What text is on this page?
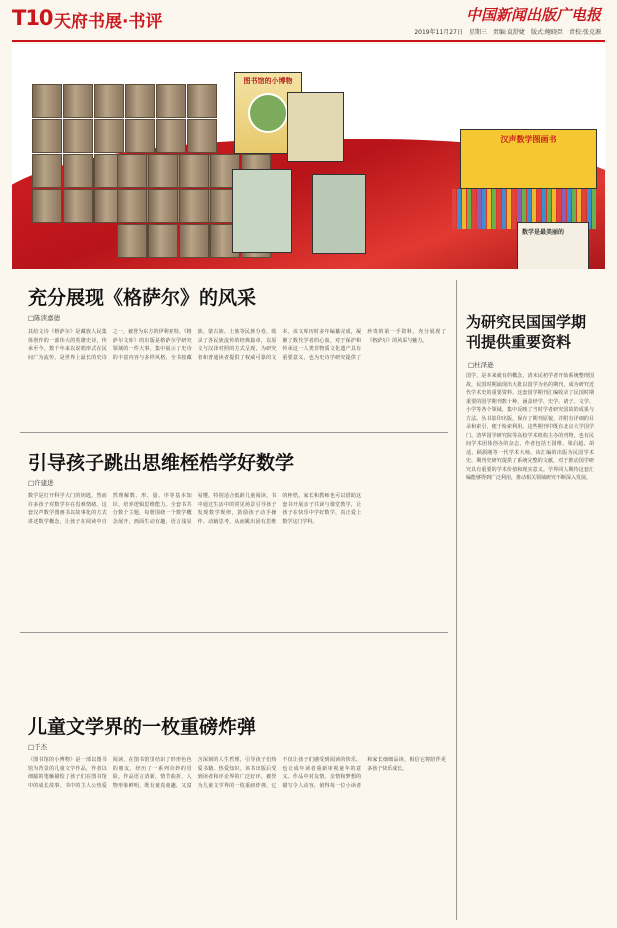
T10 天府书展·书评	中国新闻出版广电报
2019年11月27日 星期三 责编:袁舒婕 版式:鲍晓臣 责校:张克源
图书馆的小博物
汉声数学图画书
数学是最美丽的
充分展现《格萨尔》的风采
□陈读嘉德
其给文诗《格萨尔》是藏族人民集体创作的一部伟大的英雄史诗，传承至今，数千年来以说唱形式在民间广为流传，是世界上最长的史诗之一，被誉为东方的伊利亚特。《格萨尔文库》的出版是格萨尔学研究领域的一件大事，集中展示了史诗的丰富内容与多样风格。全书按藏族、蒙古族、土族等民族分卷，收录了各民族流传的经典篇章，以原文与汉译对照的方式呈现，为研究者和普通读者提供了权威可靠的文本。该文库历时多年编纂完成，凝聚了数代学者的心血，对于保护和传承这一人类非物质文化遗产具有重要意义，也为史诗学研究提供了珍贵的第一手资料，充分展现了《格萨尔》的风采与魅力。
为研究民国国学期刊提供重要资料
□杜泽逊
国学，是本来就有的概念，清末民初学者开始系统整理国故，民国时期涌现出大批以国学为名的期刊，成为研究近代学术史的重要资料。这套国学期刊汇编收录了民国时期重要的国学期刊数十种，涵盖经学、史学、诸子、文学、小学等各个领域，集中反映了当时学者研究国故的成果与方法。丛书影印出版，保存了期刊原貌，并附有详细的目录和索引，便于检索利用。这些期刊中既有北京大学国学门、清华国学研究院等高校学术机构主办的刊物，也有民间学术团体创办的杂志，作者包括王国维、梁启超、胡适、顾颉刚等一代学术大师。该汇编的出版为民国学术史、期刊史研究提供了系统完整的文献，对于推动国学研究具有重要的学术价值和现实意义。学界同人期待这套汇编能够得到广泛利用，推动相关领域研究不断深入发展。
引导孩子跳出思维桎梏学好数学
□许建进
数学是打开科学大门的钥匙，然而许多孩子对数学存在畏难情绪。这套汉声数学图画书以故事化的方式讲述数学概念，让孩子在阅读中自然理解数、形、量、序等基本知识，培养逻辑思维能力。全套书共分数个主题，每册围绕一个数学概念展开，画面生动有趣，语言浅显易懂，特别适合低龄儿童阅读。书中通过生活中的常见场景引导孩子发现数学规律，鼓励孩子动手操作、动脑思考，从而跳出固有思维的桎梏。家长和教师也可以借助这套书开展亲子共读与课堂教学，让孩子在快乐中学好数学，真正爱上数学这门学科。
儿童文学界的一枚重磅炸弹
□于杰
《图书馆的小博物》是一部以图书馆为背景的儿童文学作品，作者以细腻的笔触描绘了孩子们在图书馆中的成长故事。书中的主人公热爱阅读，在图书馆里结识了形形色色的朋友，经历了一系列奇妙的冒险。作品语言清新，情节曲折，人物形象鲜明，既有童真童趣，又富含深刻的人生哲理，引导孩子们热爱书籍、热爱知识。该书出版后受到读者和评论界的广泛好评，被誉为儿童文学界的一枚重磅炸弹，它不仅让孩子们感受到阅读的快乐，也让成年读者重新审视童年的意义。作品中对友情、亲情和梦想的描写令人动容，值得每一位小读者和家长细细品读，相信它将陪伴更多孩子快乐成长。
